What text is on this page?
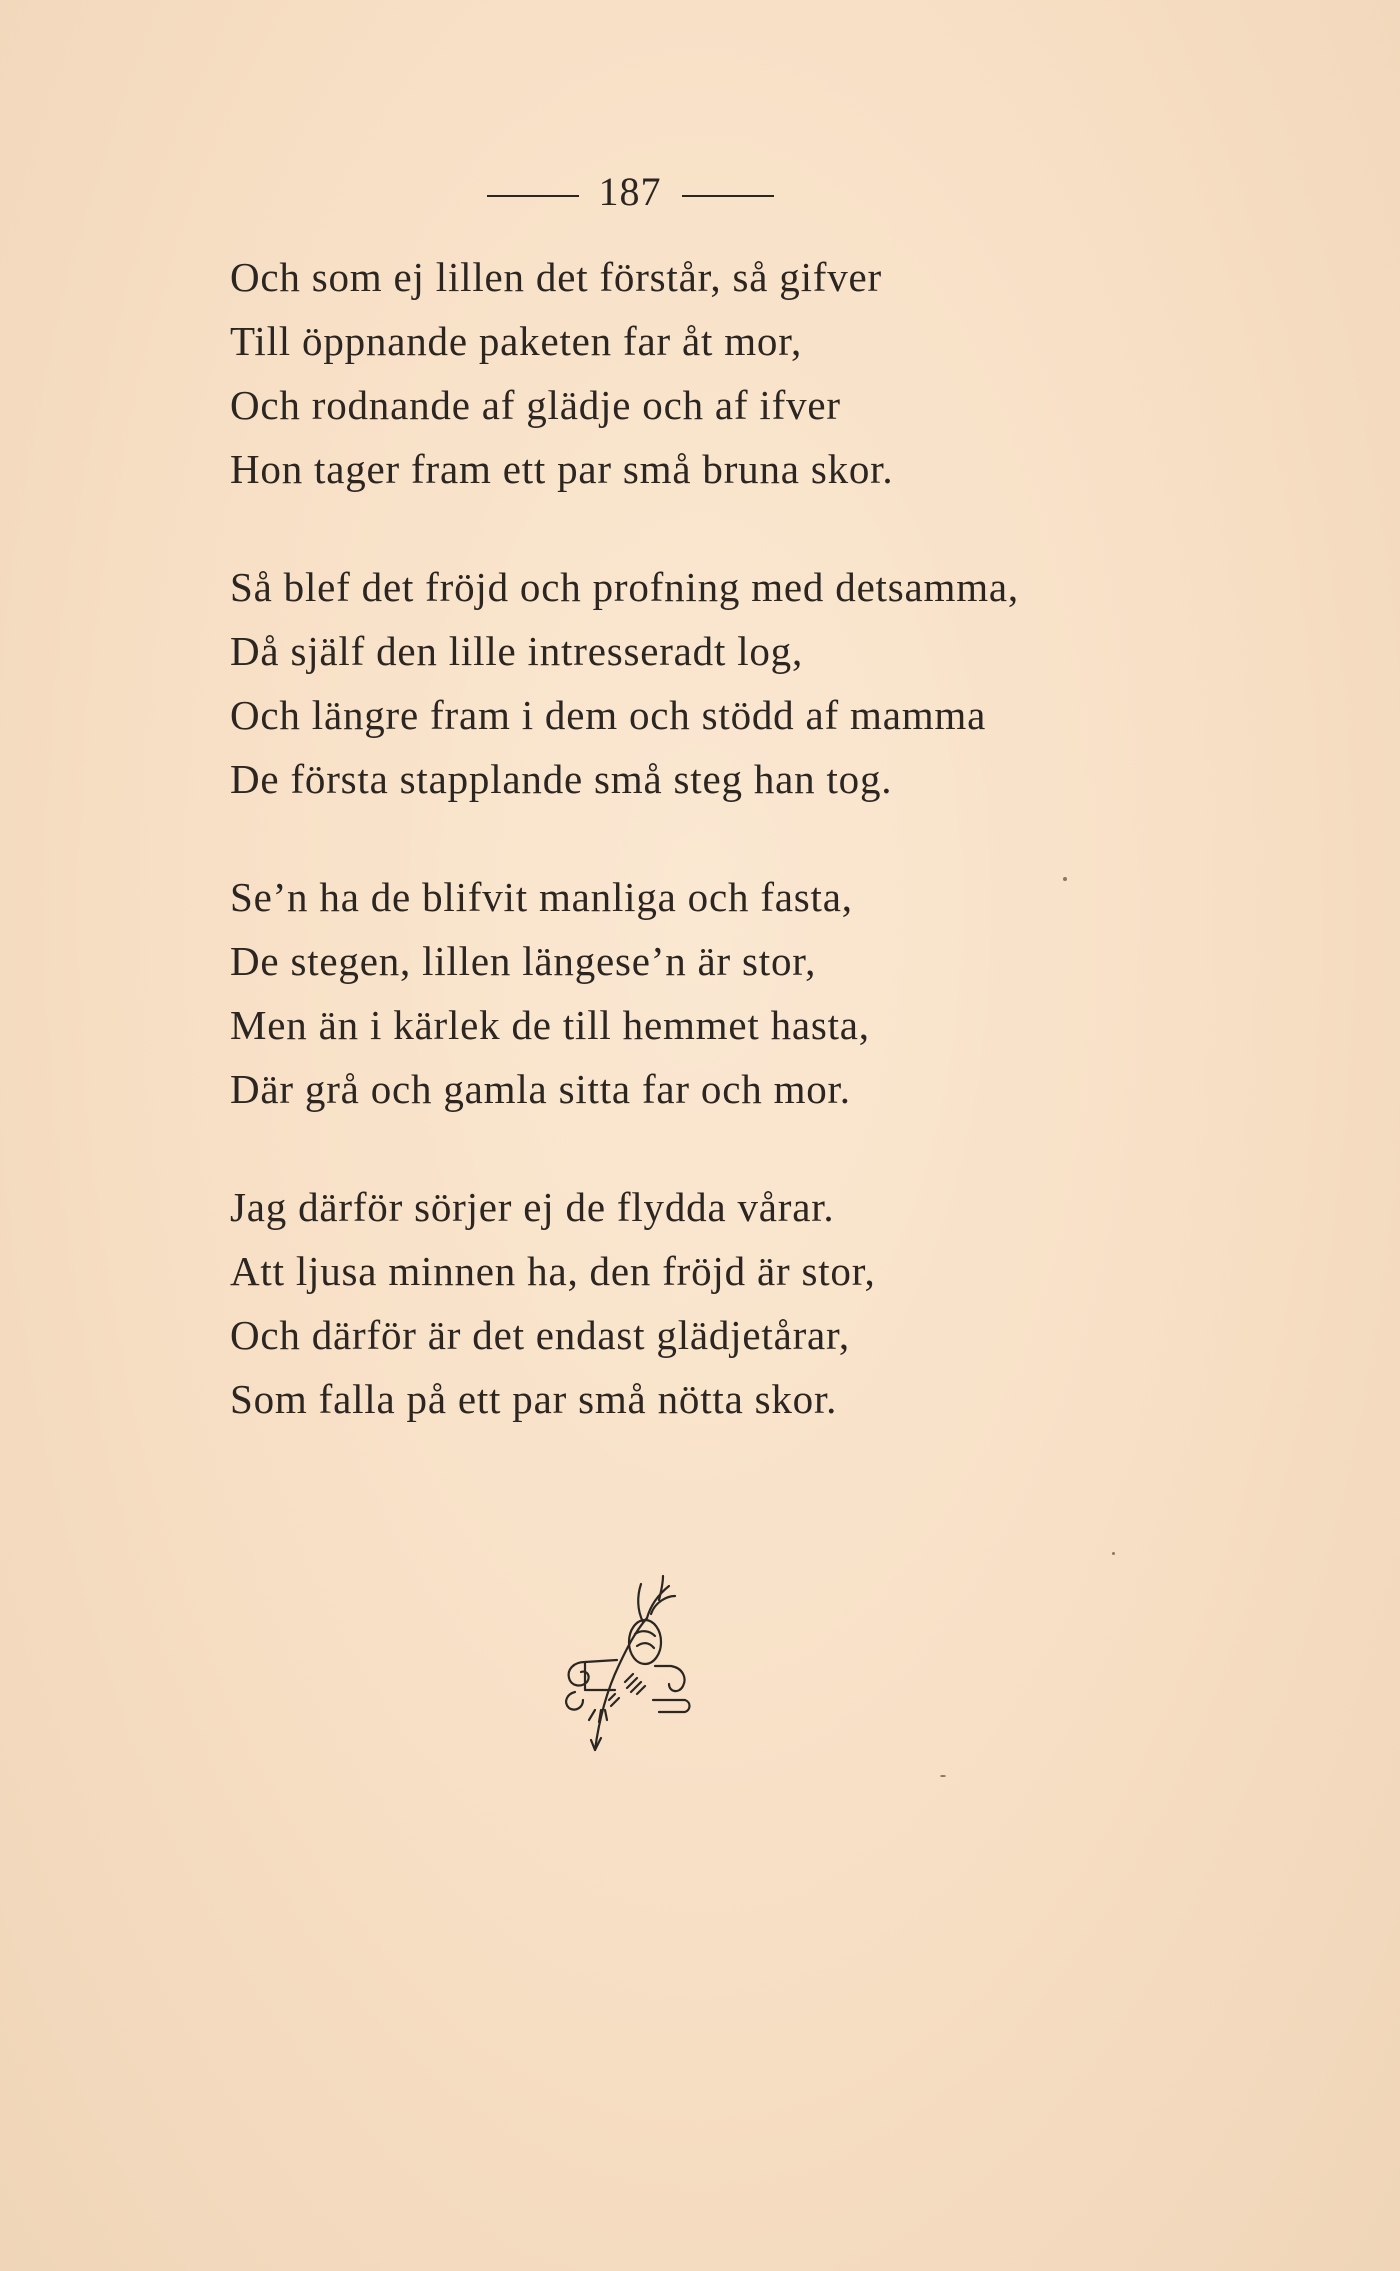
187
Och som ej lillen det förstår, så gifver
Till öppnande paketen far åt mor,
Och rodnande af glädje och af ifver
Hon tager fram ett par små bruna skor.
Så blef det fröjd och profning med detsamma,
Då själf den lille intresseradt log,
Och längre fram i dem och stödd af mamma
De första stapplande små steg han tog.
Se’n ha de blifvit manliga och fasta,
De stegen, lillen längese’n är stor,
Men än i kärlek de till hemmet hasta,
Där grå och gamla sitta far och mor.
Jag därför sörjer ej de flydda vårar.
Att ljusa minnen ha, den fröjd är stor,
Och därför är det endast glädjetårar,
Som falla på ett par små nötta skor.
